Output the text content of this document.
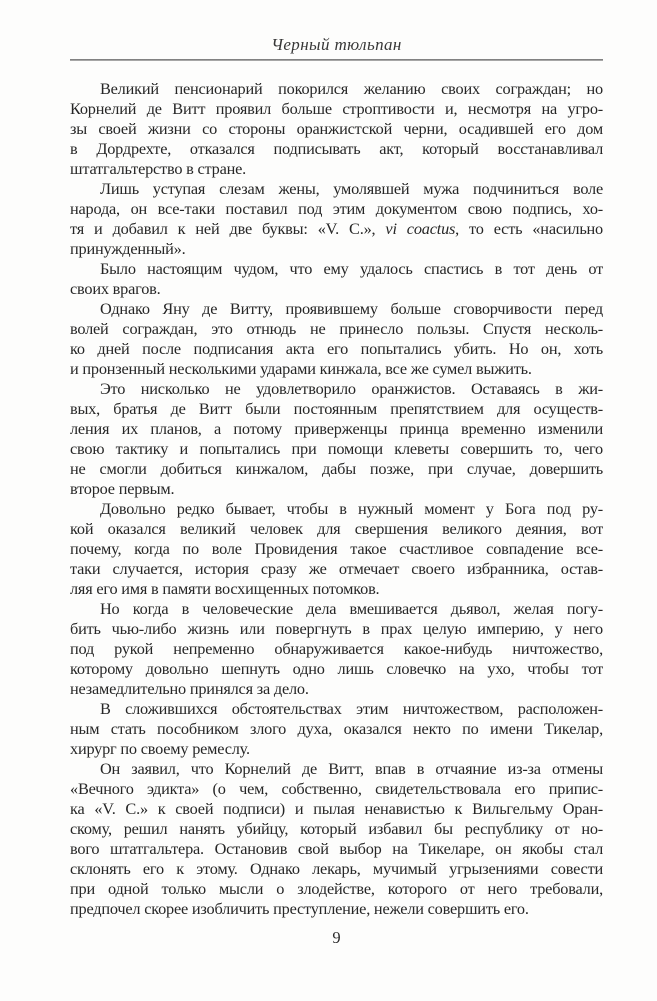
Черный тюльпан
Великий пенсионарий покорился желанию своих сограждан; но
Корнелий де Витт проявил больше строптивости и, несмотря на угро-
зы своей жизни со стороны оранжистской черни, осадившей его дом
в Дордрехте, отказался подписывать акт, который восстанавливал
штатгальтерство в стране.
Лишь уступая слезам жены, умолявшей мужа подчиниться воле
народа, он все-таки поставил под этим документом свою подпись, хо-
тя и добавил к ней две буквы: «V. C.», vi coactus, то есть «насильно
принужденный».
Было настоящим чудом, что ему удалось спастись в тот день от
своих врагов.
Однако Яну де Витту, проявившему больше сговорчивости перед
волей сограждан, это отнюдь не принесло пользы. Спустя несколь-
ко дней после подписания акта его попытались убить. Но он, хоть
и пронзенный несколькими ударами кинжала, все же сумел выжить.
Это нисколько не удовлетворило оранжистов. Оставаясь в жи-
вых, братья де Витт были постоянным препятствием для осуществ-
ления их планов, а потому приверженцы принца временно изменили
свою тактику и попытались при помощи клеветы совершить то, чего
не смогли добиться кинжалом, дабы позже, при случае, довершить
второе первым.
Довольно редко бывает, чтобы в нужный момент у Бога под ру-
кой оказался великий человек для свершения великого деяния, вот
почему, когда по воле Провидения такое счастливое совпадение все-
таки случается, история сразу же отмечает своего избранника, остав-
ляя его имя в памяти восхищенных потомков.
Но когда в человеческие дела вмешивается дьявол, желая погу-
бить чью-либо жизнь или повергнуть в прах целую империю, у него
под рукой непременно обнаруживается какое-нибудь ничтожество,
которому довольно шепнуть одно лишь словечко на ухо, чтобы тот
незамедлительно принялся за дело.
В сложившихся обстоятельствах этим ничтожеством, расположен-
ным стать пособником злого духа, оказался некто по имени Тикелар,
хирург по своему ремеслу.
Он заявил, что Корнелий де Витт, впав в отчаяние из-за отмены
«Вечного эдикта» (о чем, собственно, свидетельствовала его припис-
ка «V. C.» к своей подписи) и пылая ненавистью к Вильгельму Оран-
скому, решил нанять убийцу, который избавил бы республику от но-
вого штатгальтера. Остановив свой выбор на Тикеларе, он якобы стал
склонять его к этому. Однако лекарь, мучимый угрызениями совести
при одной только мысли о злодействе, которого от него требовали,
предпочел скорее изобличить преступление, нежели совершить его.
9
